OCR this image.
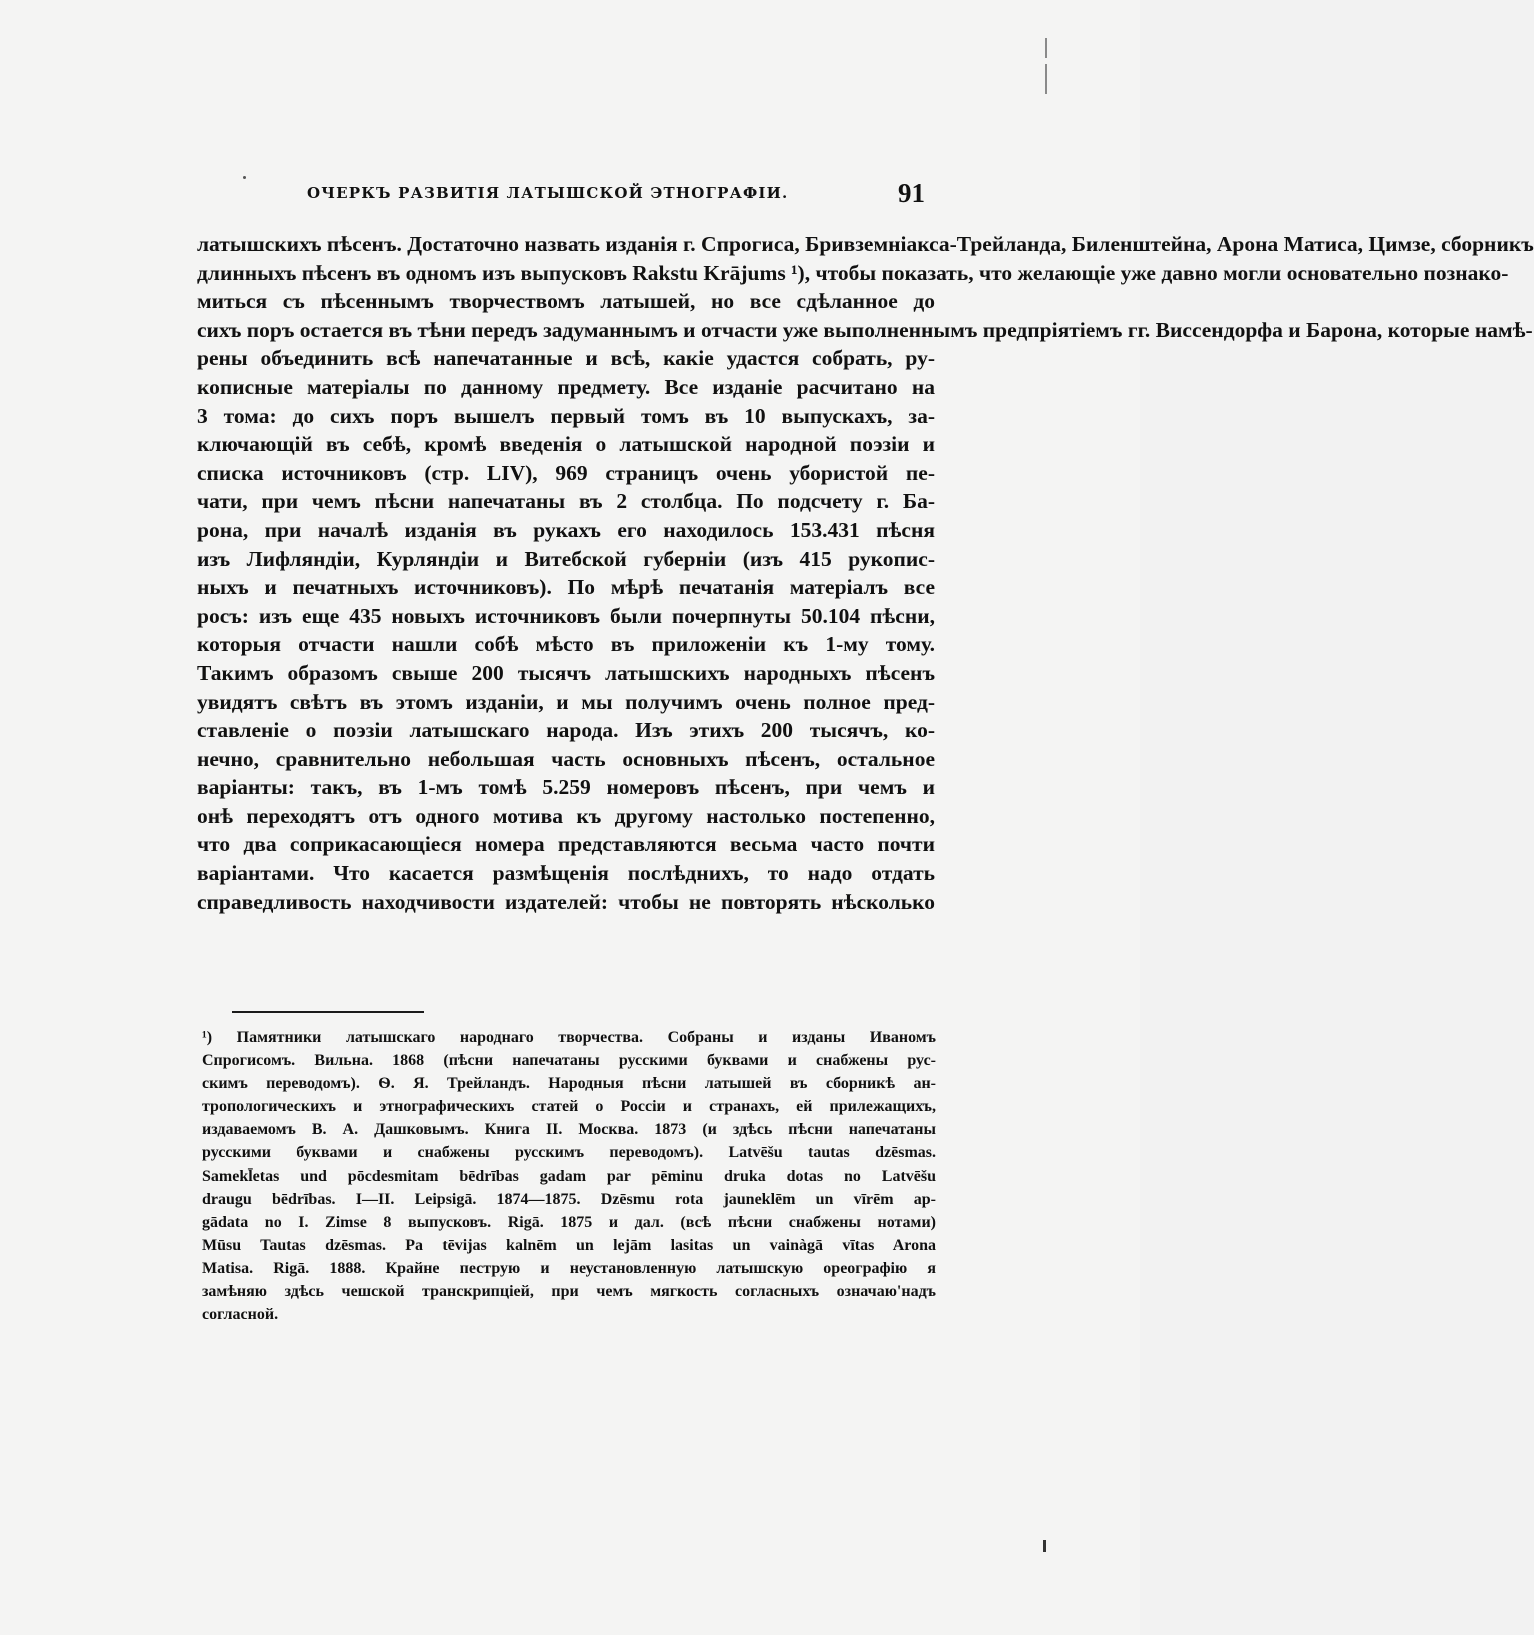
ОЧЕРКЪ РАЗВИТІЯ ЛАТЫШСКОЙ ЭТНОГРАФІИ.	91
латышскихъ пѣсенъ. Достаточно назвать изданія г. Спрогиса, Бривземніакса-Трейланда, Биленштейна, Арона Матиса, Цимзе, сборникъ
длинныхъ пѣсенъ въ одномъ изъ выпусковъ Rakstu Krājums ¹), чтобы показать, что желающіе уже давно могли основательно познако-
миться съ пѣсеннымъ творчествомъ латышей, но все сдѣланное до
сихъ поръ остается въ тѣни передъ задуманнымъ и отчасти уже выполненнымъ предпріятіемъ гг. Виссендорфа и Барона, которые намѣ-
рены объединить всѣ напечатанные и всѣ, какіе удастся собрать, ру-
кописные матеріалы по данному предмету. Все изданіе расчитано на
3 тома: до сихъ поръ вышелъ первый томъ въ 10 выпускахъ, за-
ключающій въ себѣ, кромѣ введенія о латышской народной поэзіи и
списка источниковъ (стр. LIV), 969 страницъ очень убористой пе-
чати, при чемъ пѣсни напечатаны въ 2 столбца. По подсчету г. Ба-
рона, при началѣ изданія въ рукахъ его находилось 153.431 пѣсня
изъ Лифляндіи, Курляндіи и Витебской губерніи (изъ 415 рукопис-
ныхъ и печатныхъ источниковъ). По мѣрѣ печатанія матеріалъ все
росъ: изъ еще 435 новыхъ источниковъ были почерпнуты 50.104 пѣсни,
которыя отчасти нашли собѣ мѣсто въ приложеніи къ 1-му тому.
Такимъ образомъ свыше 200 тысячъ латышскихъ народныхъ пѣсенъ
увидятъ свѣтъ въ этомъ изданіи, и мы получимъ очень полное пред-
ставленіе о поэзіи латышскаго народа. Изъ этихъ 200 тысячъ, ко-
нечно, сравнительно небольшая часть основныхъ пѣсенъ, остальное
варіанты: такъ, въ 1-мъ томѣ 5.259 номеровъ пѣсенъ, при чемъ и
онѣ переходятъ отъ одного мотива къ другому настолько постепенно,
что два соприкасающіеся номера представляются весьма часто почти
варіантами. Что касается размѣщенія послѣднихъ, то надо отдать
справедливость находчивости издателей: чтобы не повторять нѣсколько
¹) Памятники латышскаго народнаго творчества. Собраны и изданы Иваномъ
Спрогисомъ. Вильна. 1868 (пѣсни напечатаны русскими буквами и снабжены рус-
скимъ переводомъ). Ѳ. Я. Трейландъ. Народныя пѣсни латышей въ сборникѣ ан-
тропологическихъ и этнографическихъ статей о Россіи и странахъ, ей прилежащихъ,
издаваемомъ В. А. Дашковымъ. Книга II. Москва. 1873 (и здѣсь пѣсни напечатаны
русскими буквами и снабжены русскимъ переводомъ). Latvēšu tautas dzēsmas.
Samekl̄etas und pōcdesmitam bēdrības gadam par pēminu druka dotas no Latvēšu
draugu bēdrības. I—II. Leipsigā. 1874—1875. Dzēsmu rota jauneklēm un vīrēm ap-
gādata no I. Zimse 8 выпусковъ. Rigā. 1875 и дал. (всѣ пѣсни снабжены нотами)
Mūsu Tautas dzēsmas. Pa tēvijas kalnēm un lejām lasitas un vainàgā vītas Arona
Matisa. Rigā. 1888. Крайне пеструю и неустановленную латышскую ореографію я
замѣняю здѣсь чешской транскрипціей, при чемъ мягкость согласныхъ означаю'надъ
согласной.
